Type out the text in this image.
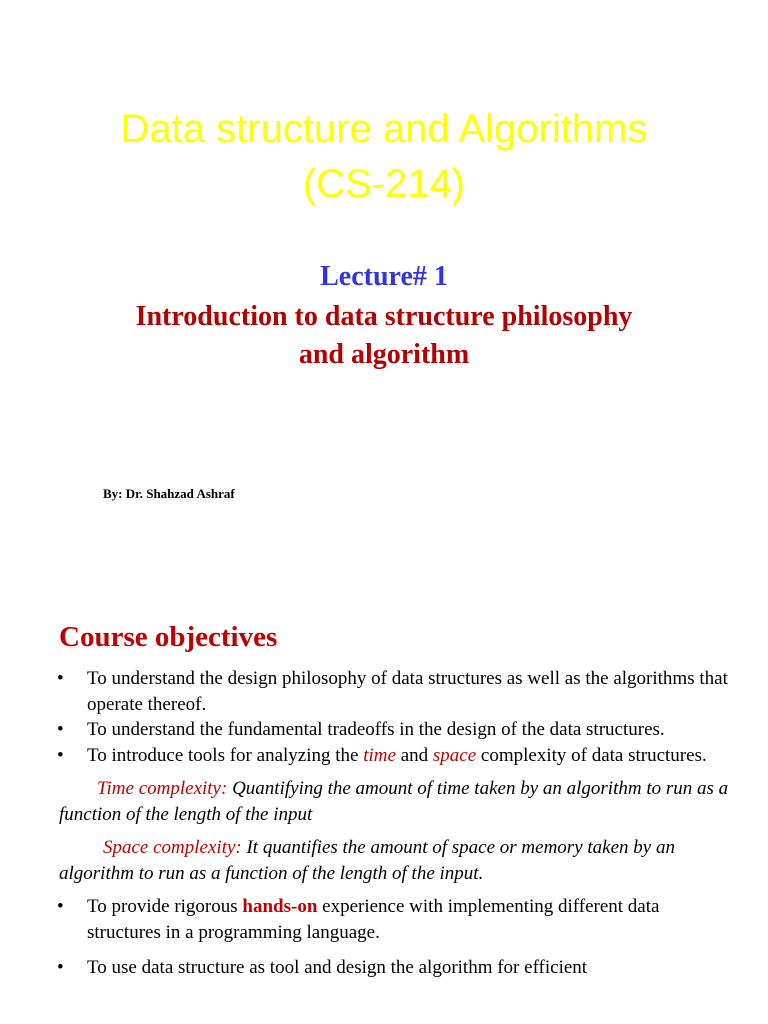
Data structure and Algorithms
(CS-214)
Lecture# 1
Introduction to data structure philosophy
and algorithm
By: Dr. Shahzad Ashraf
Course objectives
• To understand the design philosophy of data structures as well as the algorithms that operate thereof.
• To understand the fundamental tradeoffs in the design of the data structures.
• To introduce tools for analyzing the time and space complexity of data structures.
Time complexity: Quantifying the amount of time taken by an algorithm to run as a function of the length of the input
Space complexity: It quantifies the amount of space or memory taken by an algorithm to run as a function of the length of the input.
• To provide rigorous hands-on experience with implementing different data structures in a programming language.
• To use data structure as tool and design the algorithm for efficient
